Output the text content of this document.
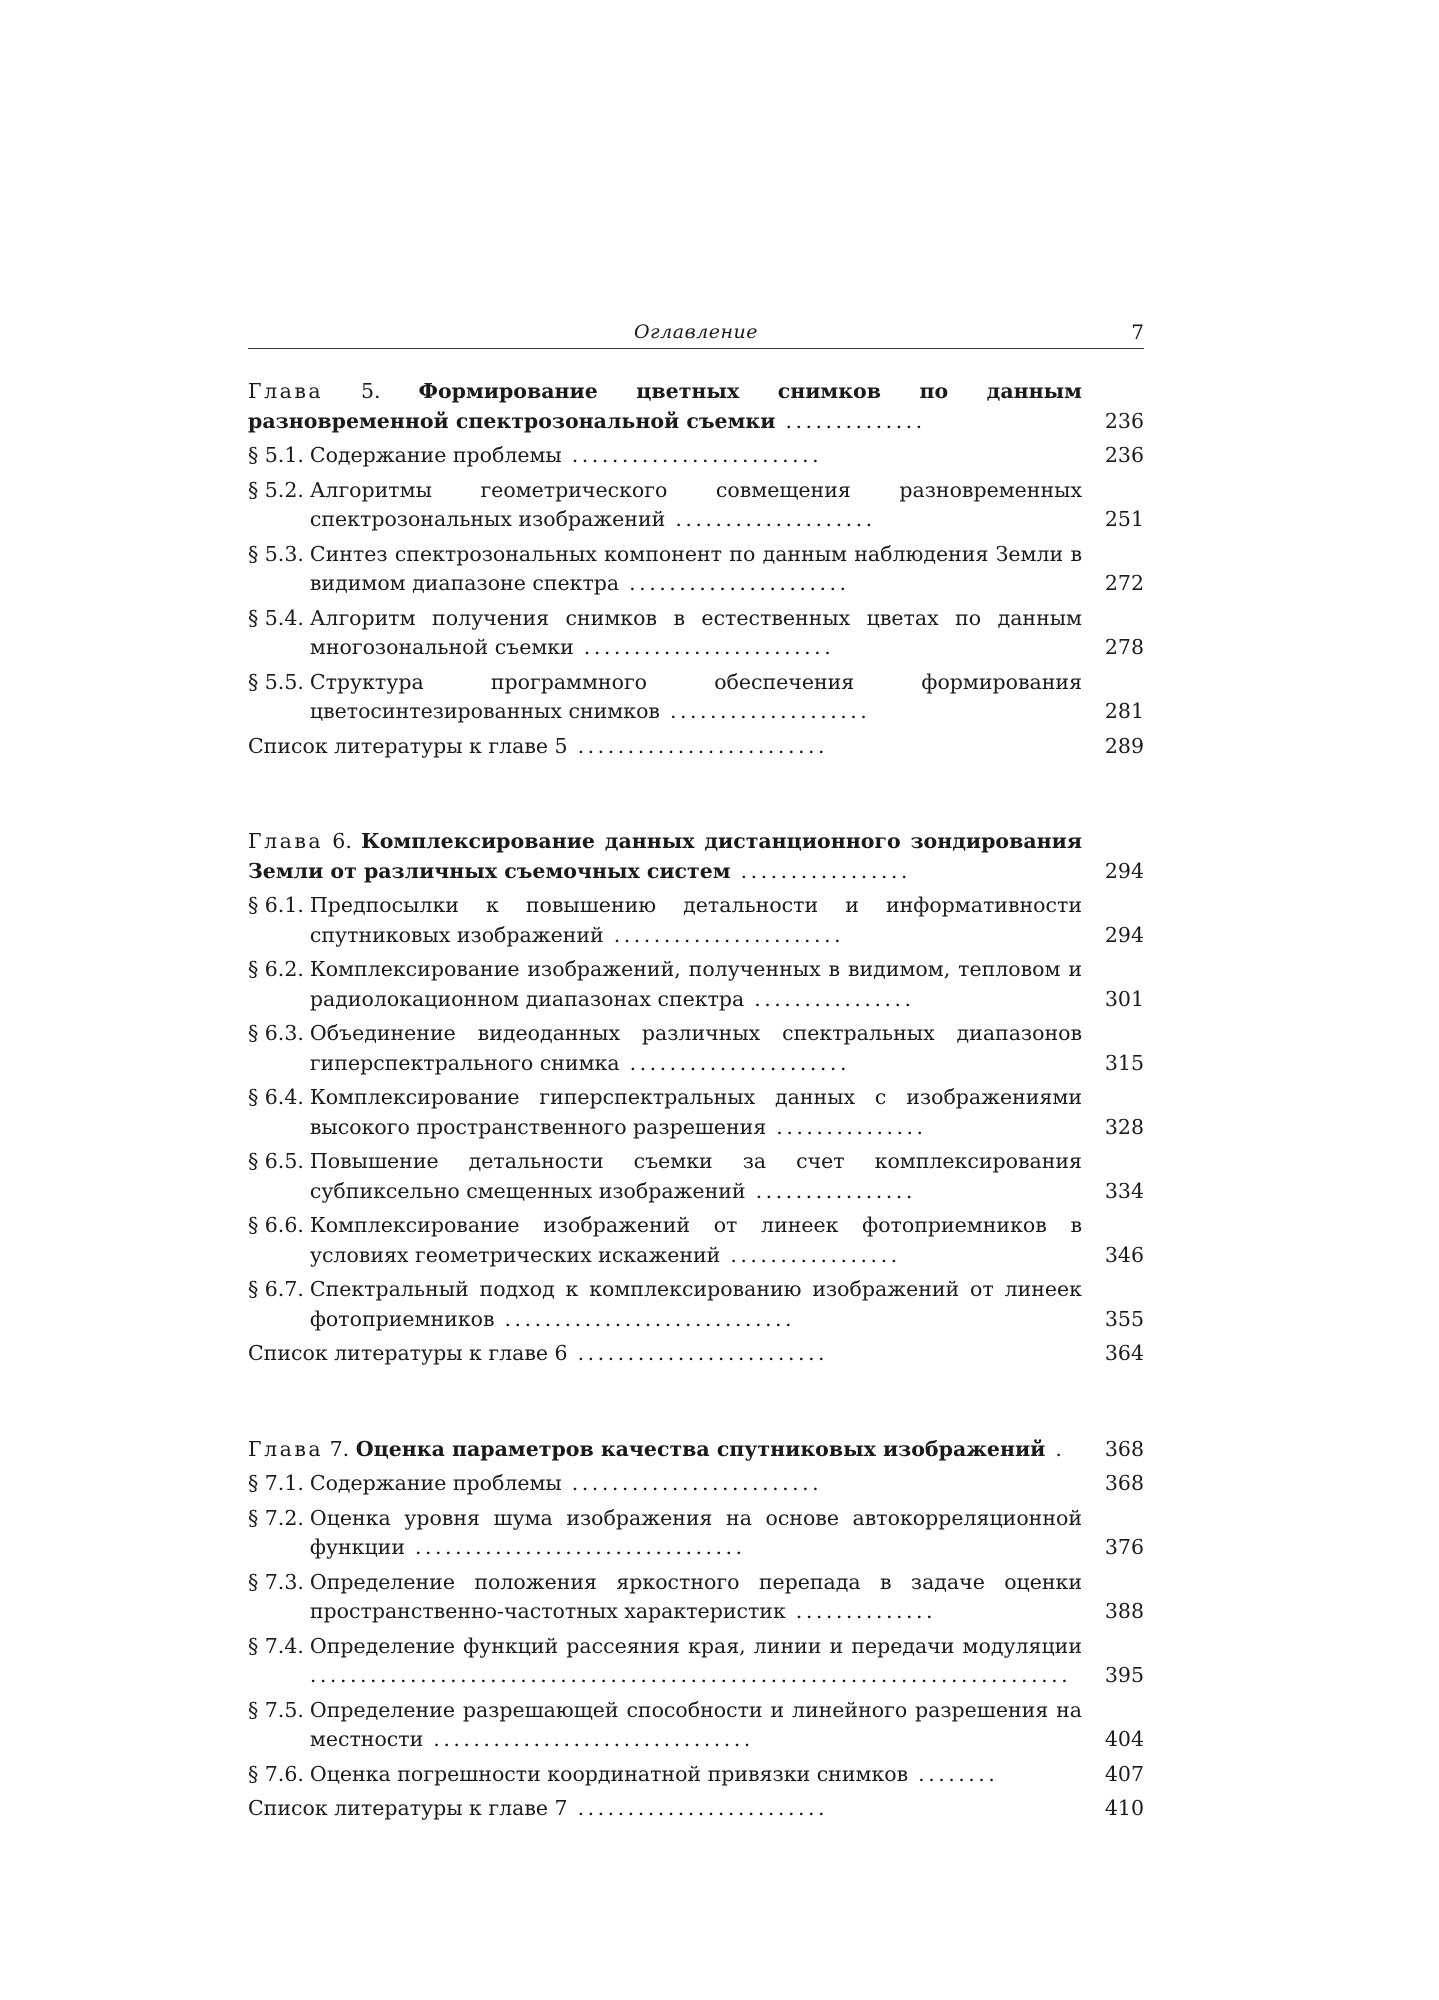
Оглавление	7
Глава 5. Формирование цветных снимков по данным разновременной спектрозональной съемки ..............	236
§ 5.1. Содержание проблемы .........................	236
§ 5.2. Алгоритмы геометрического совмещения разновременных спектрозональных изображений ....................	251
§ 5.3. Синтез спектрозональных компонент по данным наблюдения Земли в видимом диапазоне спектра ......................	272
§ 5.4. Алгоритм получения снимков в естественных цветах по данным многозональной съемки .........................	278
§ 5.5. Структура программного обеспечения формирования цветосинтезированных снимков ....................	281
Список литературы к главе 5 .........................	289
Глава 6. Комплексирование данных дистанционного зондирования Земли от различных съемочных систем .................	294
§ 6.1. Предпосылки к повышению детальности и информативности спутниковых изображений .......................	294
§ 6.2. Комплексирование изображений, полученных в видимом, тепловом и радиолокационном диапазонах спектра ................	301
§ 6.3. Объединение видеоданных различных спектральных диапазонов гиперспектрального снимка ......................	315
§ 6.4. Комплексирование гиперспектральных данных с изображениями высокого пространственного разрешения ...............	328
§ 6.5. Повышение детальности съемки за счет комплексирования субпиксельно смещенных изображений ................	334
§ 6.6. Комплексирование изображений от линеек фотоприемников в условиях геометрических искажений .................	346
§ 6.7. Спектральный подход к комплексированию изображений от линеек фотоприемников .............................	355
Список литературы к главе 6 .........................	364
Глава 7. Оценка параметров качества спутниковых изображений .	368
§ 7.1. Содержание проблемы .........................	368
§ 7.2. Оценка уровня шума изображения на основе автокорреляционной функции .................................	376
§ 7.3. Определение положения яркостного перепада в задаче оценки пространственно-частотных характеристик ..............	388
§ 7.4. Определение функций рассеяния края, линии и передачи модуляции ............................................................................	395
§ 7.5. Определение разрешающей способности и линейного разрешения на местности ................................	404
§ 7.6. Оценка погрешности координатной привязки снимков ........	407
Список литературы к главе 7 .........................	410
